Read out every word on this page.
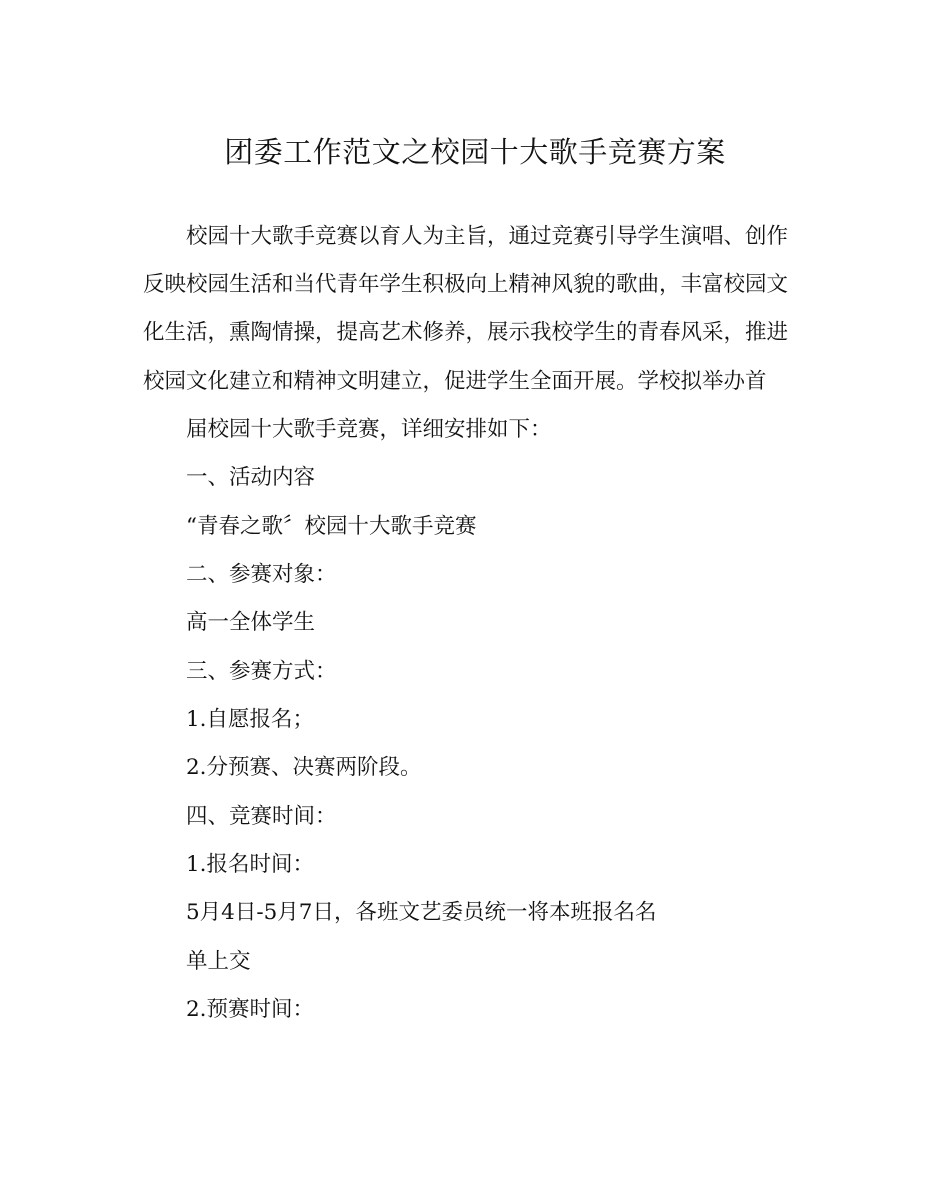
团委工作范文之校园十大歌手竞赛方案
校园十大歌手竞赛以育人为主旨，通过竞赛引导学生演唱、创作
反映校园生活和当代青年学生积极向上精神风貌的歌曲，丰富校园文
化生活，熏陶情操，提高艺术修养，展示我校学生的青春风采，推进
校园文化建立和精神文明建立，促进学生全面开展。学校拟举办首
届校园十大歌手竞赛，详细安排如下：
一、活动内容
“青春之歌〞校园十大歌手竞赛
二、参赛对象：
高一全体学生
三、参赛方式：
1.自愿报名；
2.分预赛、决赛两阶段。
四、竞赛时间：
1.报名时间：
5月4日-5月7日，各班文艺委员统一将本班报名名
单上交
2.预赛时间：
